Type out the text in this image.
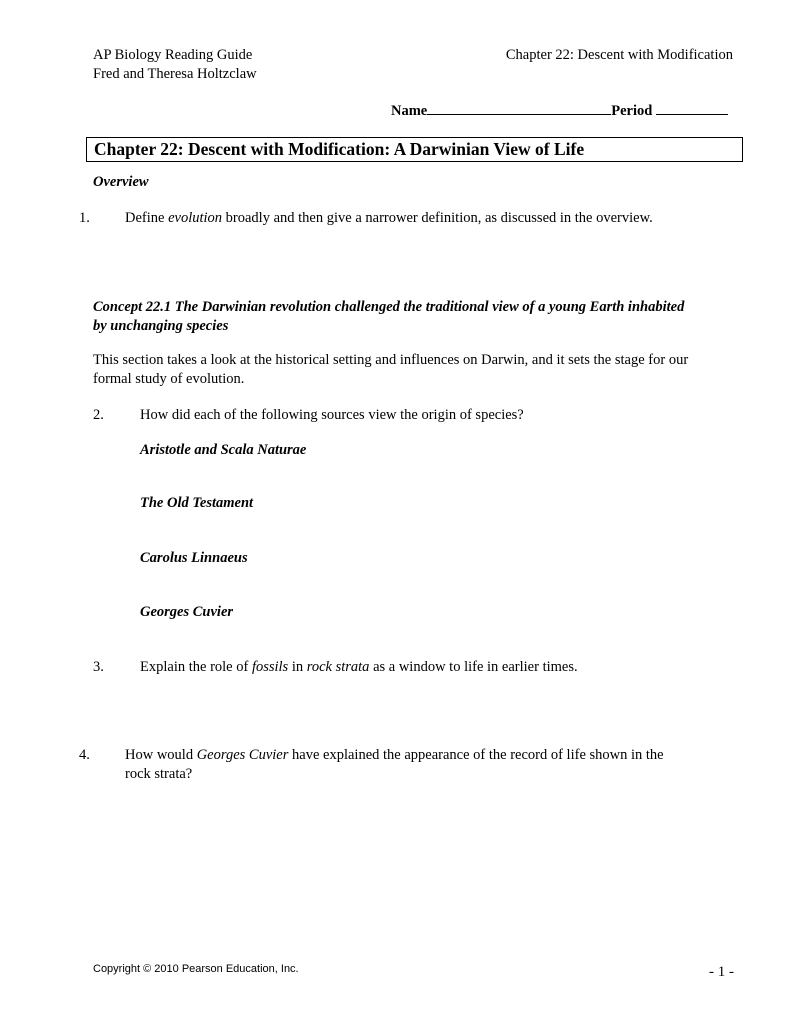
AP Biology Reading Guide
Fred and Theresa Holtzclaw
Chapter 22: Descent with Modification
Name	Period
Chapter 22: Descent with Modification: A Darwinian View of Life
Overview
1. Define evolution broadly and then give a narrower definition, as discussed in the overview.
Concept 22.1 The Darwinian revolution challenged the traditional view of a young Earth inhabited
by unchanging species
This section takes a look at the historical setting and influences on Darwin, and it sets the stage for our
formal study of evolution.
2. How did each of the following sources view the origin of species?
Aristotle and Scala Naturae
The Old Testament
Carolus Linnaeus
Georges Cuvier
3. Explain the role of fossils in rock strata as a window to life in earlier times.
4. How would Georges Cuvier have explained the appearance of the record of life shown in the
rock strata?
Copyright © 2010 Pearson Education, Inc.	- 1 -
